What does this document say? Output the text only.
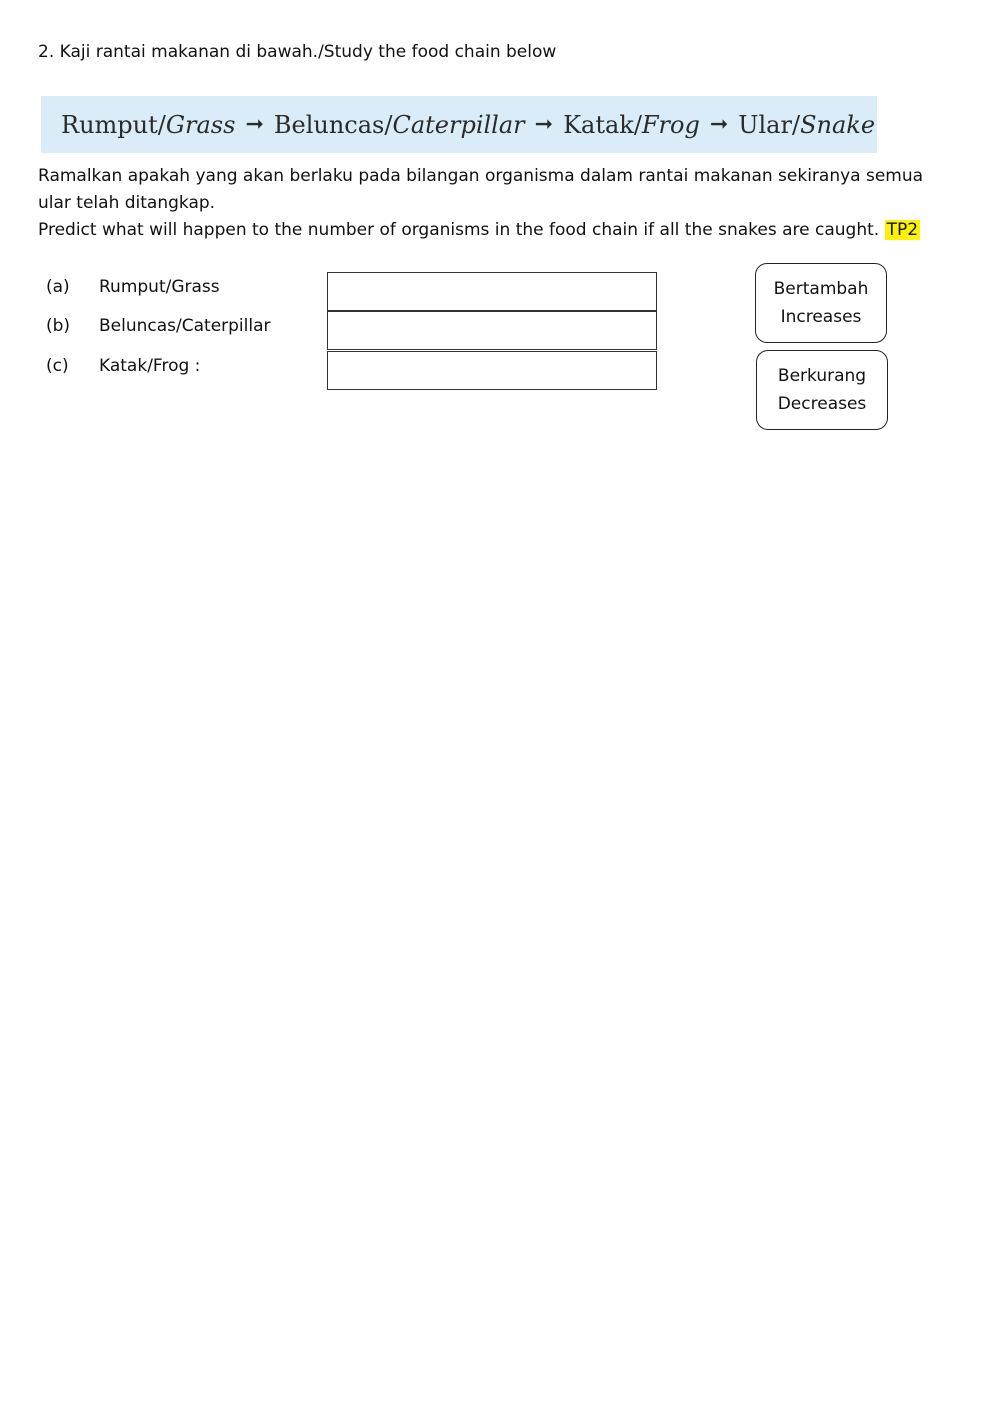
2. Kaji rantai makanan di bawah./Study the food chain below
Rumput/Grass ➞ Beluncas/Caterpillar ➞ Katak/Frog ➞ Ular/Snake
Ramalkan apakah yang akan berlaku pada bilangan organisma dalam rantai makanan sekiranya semua ular telah ditangkap.
Predict what will happen to the number of organisms in the food chain if all the snakes are caught. TP2
(a) Rumput/Grass
(b) Beluncas/Caterpillar
(c) Katak/Frog :
Bertambah
Increases
Berkurang
Decreases
